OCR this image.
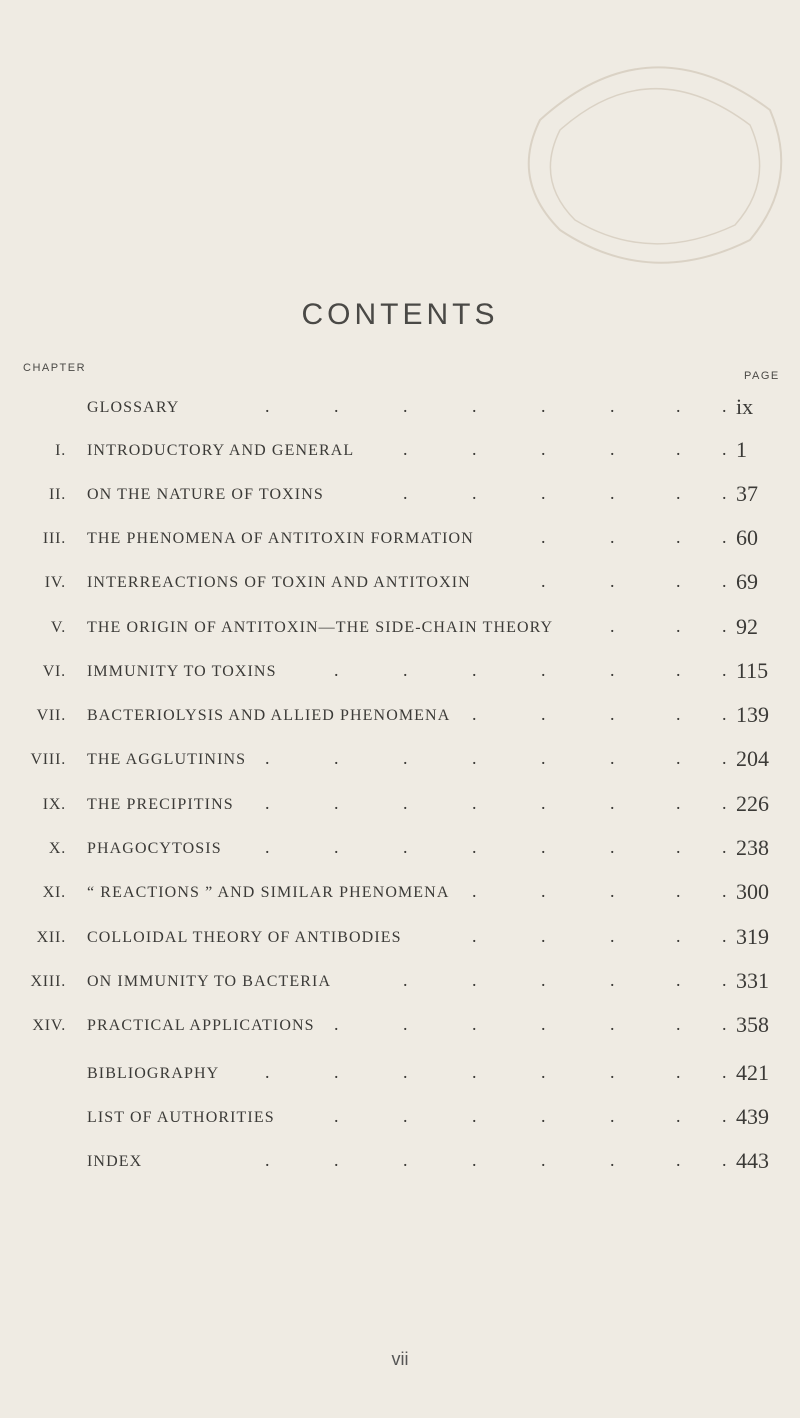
CONTENTS
CHAPTER
PAGE
GLOSSARY	.	.	.	.	.	.	. . ix
I. INTRODUCTORY AND GENERAL	.	.	.	.	. . 1
II. ON THE NATURE OF TOXINS	.	.	.	.	. . 37
III. THE PHENOMENA OF ANTITOXIN FORMATION	.	.	. . 60
IV. INTERREACTIONS OF TOXIN AND ANTITOXIN	.	.	. . 69
V. THE ORIGIN OF ANTITOXIN—THE SIDE-CHAIN THEORY	.	. . 92
VI. IMMUNITY TO TOXINS	.	.	.	.	.	. . 115
VII. BACTERIOLYSIS AND ALLIED PHENOMENA .	.	.	. . 139
VIII. THE AGGLUTININS .	.	.	.	.	.	. . 204
IX. THE PRECIPITINS .	.	.	.	.	.	. . 226
X. PHAGOCYTOSIS .	.	.	.	.	.	. . 238
XI. “ REACTIONS ” AND SIMILAR PHENOMENA .	.	.	. . 300
XII. COLLOIDAL THEORY OF ANTIBODIES	.	.	.	. . 319
XIII. ON IMMUNITY TO BACTERIA	.	.	.	.	. . 331
XIV. PRACTICAL APPLICATIONS .	.	.	.	.	. . 358
BIBLIOGRAPHY	.	.	.	.	.	.	. . 421
LIST OF AUTHORITIES	.	.	.	.	.	. . 439
INDEX	.	.	.	.	.	.	. . 443
vii
